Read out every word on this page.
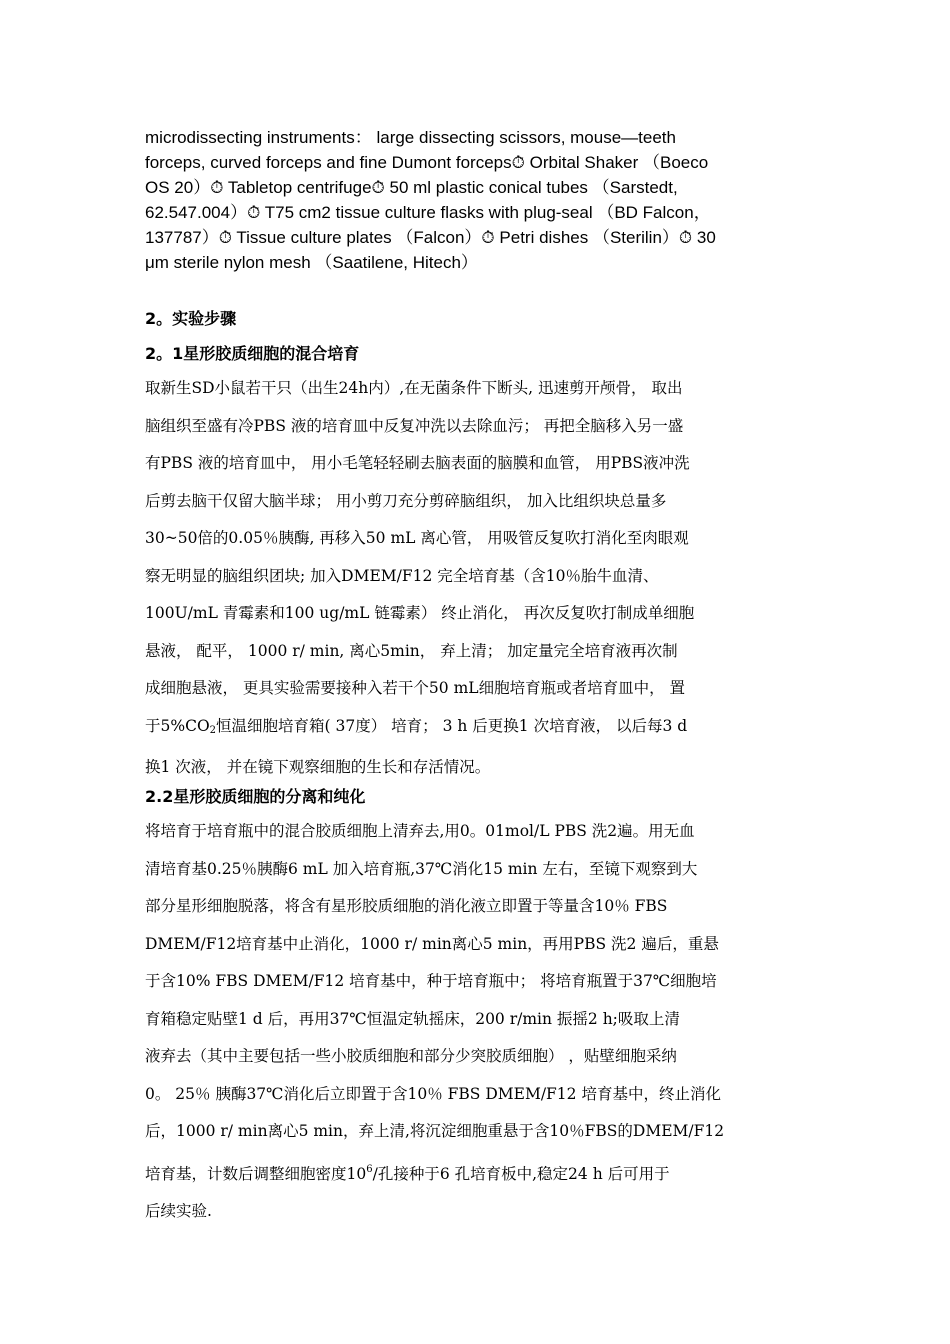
microdissecting instruments： large dissecting scissors, mouse—teeth
forceps, curved forceps and fine Dumont forceps⏱ Orbital Shaker （Boeco
OS 20）⏱ Tabletop centrifuge⏱ 50 ml plastic conical tubes （Sarstedt,
62.547.004）⏱ T75 cm2 tissue culture flasks with plug-seal （BD Falcon，
137787）⏱ Tissue culture plates （Falcon）⏱ Petri dishes （Sterilin）⏱ 30
μm sterile nylon mesh （Saatilene, Hitech）
2。实验步骤
2。1星形胶质细胞的混合培育
取新生SD小鼠若干只（出生24h内）,在无菌条件下断头, 迅速剪开颅骨， 取出
脑组织至盛有冷PBS 液的培育皿中反复冲洗以去除血污； 再把全脑移入另一盛
有PBS 液的培育皿中， 用小毛笔轻轻刷去脑表面的脑膜和血管， 用PBS液冲洗
后剪去脑干仅留大脑半球； 用小剪刀充分剪碎脑组织， 加入比组织块总量多
30~50倍的0.05％胰酶, 再移入50 mL 离心管， 用吸管反复吹打消化至肉眼观
察无明显的脑组织团块; 加入DMEM/F12 完全培育基（含10％胎牛血清、
100U/mL 青霉素和100 ug/mL 链霉素） 终止消化， 再次反复吹打制成单细胞
悬液， 配平， 1000 r/ min, 离心5min， 弃上清； 加定量完全培育液再次制
成细胞悬液， 更具实验需要接种入若干个50 mL细胞培育瓶或者培育皿中， 置
于$5\%CO_2$恒温细胞培育箱( 37度） 培育； 3 h 后更换1 次培育液， 以后每3 d
换1 次液， 并在镜下观察细胞的生长和存活情况。
2.2星形胶质细胞的分离和纯化
将培育于培育瓶中的混合胶质细胞上清弃去,用0。01mol/L PBS 洗2遍。用无血
清培育基0.25％胰酶6 mL 加入培育瓶,37℃消化15 min 左右，至镜下观察到大
部分星形细胞脱落，将含有星形胶质细胞的消化液立即置于等量含10％ FBS
DMEM/F12培育基中止消化，1000 r/ min离心5 min，再用PBS 洗2 遍后，重悬
于含10% FBS DMEM/F12 培育基中，种于培育瓶中； 将培育瓶置于37℃细胞培
育箱稳定贴壁1 d 后，再用37℃恒温定轨摇床，200 r/min 振摇2 h;吸取上清
液弃去（其中主要包括一些小胶质细胞和部分少突胶质细胞） ，贴壁细胞采纳
0。 25％ 胰酶37℃消化后立即置于含10％ FBS DMEM/F12 培育基中，终止消化
后，1000 r/ min离心5 min，弃上清,将沉淀细胞重悬于含10％FBS的DMEM/F12
培育基，计数后调整细胞密度$10^6/$孔接种于6 孔培育板中,稳定24 h 后可用于
后续实验.
